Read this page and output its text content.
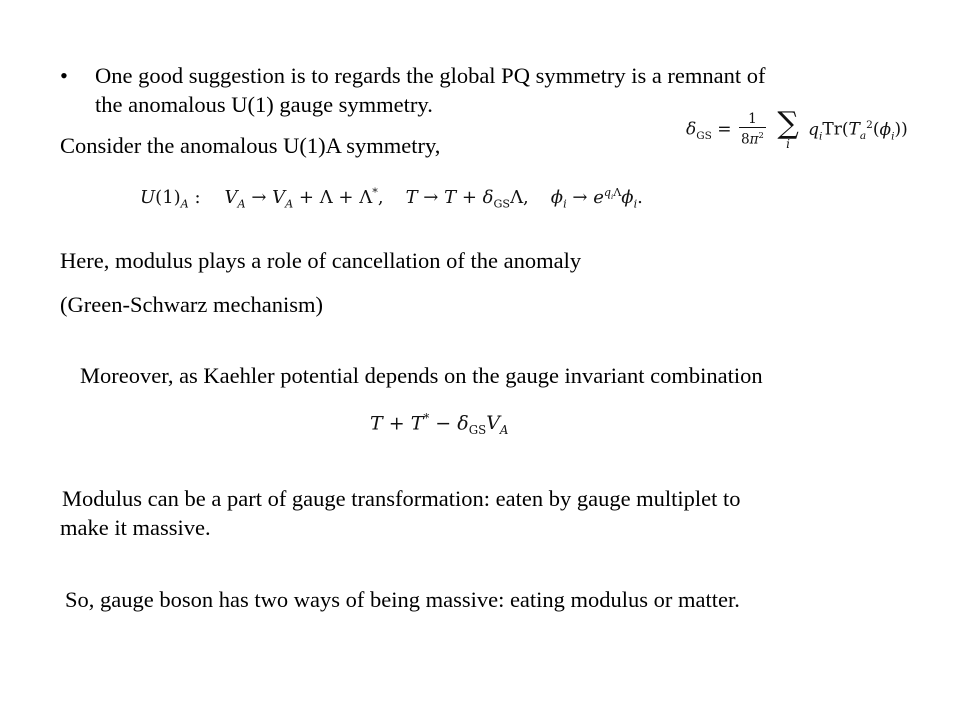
• One good suggestion is to regards the global PQ symmetry is a remnant of
the anomalous U(1) gauge symmetry.
Consider the anomalous U(1)A symmetry,
$\delta_{GS} = \frac{1}{8\pi^2}$
∑
i
$q_iTr(T_a^2(\phi_i))$
$U(1)_A$ : $V_A \to V_A + \Lambda + \Lambda^*$, $T \to T + \delta_{GS}\Lambda$, $\phi_i \to e^{q_i\Lambda}\phi_i$.
Here, modulus plays a role of cancellation of the anomaly
(Green-Schwarz mechanism)
Moreover, as Kaehler potential depends on the gauge invariant combination
$T + T^* - \delta_{GS}V_A$
Modulus can be a part of gauge transformation: eaten by gauge multiplet to
make it massive.
So, gauge boson has two ways of being massive: eating modulus or matter.
